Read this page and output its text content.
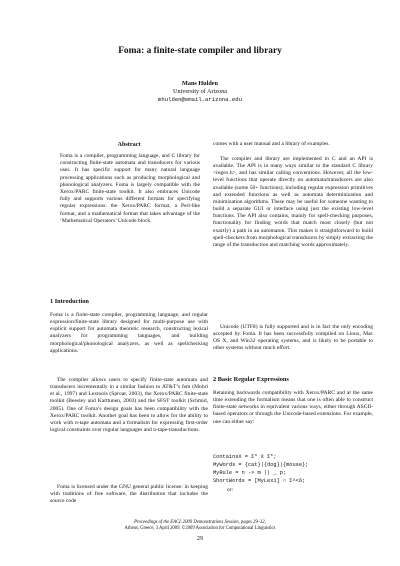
Foma: a finite-state compiler and library
Mans Hulden
University of Arizona
mhulden@email.arizona.edu
Abstract
Foma is a compiler, programming language, and C library for constructing finite-state automata and transducers for various uses. It has specific support for many natural language processing applications such as producing morphological and phonological analyzers. Foma is largely compatible with the Xerox/PARC finite-state toolkit. It also embraces Unicode fully and supports various different formats for specifying regular expressions: the Xerox/PARC format, a Perl-like format, and a mathematical format that takes advantage of the ‘Mathematical Operators’ Unicode block.
1 Introduction
Foma is a finite-state compiler, programming language, and regular expression/finite-state library designed for multi-purpose use with explicit support for automata theoretic research, constructing lexical analyzers for programming languages, and building morphological/phonological analyzers, as well as spellchecking applications.
The compiler allows users to specify finite-state automata and transducers incrementally in a similar fashion to AT&T’s fsm (Mohri et al., 1997) and Lextools (Sproat, 2003), the Xerox/PARC finite-state toolkit (Beesley and Karttunen, 2003) and the SFST toolkit (Schmid, 2005). One of Foma’s design goals has been compatibility with the Xerox/PARC toolkit. Another goal has been to allow for the ability to work with n-tape automata and a formalism for expressing first-order logical constraints over regular languages and n-tape-transductions.
Foma is licensed under the GNU general public license: in keeping with traditions of free software, the distribution that includes the source code
comes with a user manual and a library of examples.
The compiler and library are implemented in C and an API is available. The API is in many ways similar to the standard C library <regex.h>, and has similar calling conventions. However, all the low-level functions that operate directly on automata/transducers are also available (some 50+ functions), including regular expression primitives and extended functions as well as automata determinization and minimization algorithms. These may be useful for someone wanting to build a separate GUI or interface using just the existing low-level functions. The API also contains, mainly for spell-checking purposes, functionality for finding words that match most closely (but not exactly) a path in an automaton. This makes it straightforward to build spell-checkers from morphological transducers by simply extracting the range of the transduction and matching words approximately.
Unicode (UTF8) is fully supported and is in fact the only encoding accepted by Foma. It has been successfully compiled on Linux, Mac OS X, and Win32 operating systems, and is likely to be portable to other systems without much effort.
2 Basic Regular Expressions
Retaining backwards compatibility with Xerox/PARC and at the same time extending the formalism means that one is often able to construct finite-state networks in equivalent various ways, either through ASCII-based operators or through the Unicode-based extensions. For example, one can either say:
ContainsX = Σ* X Σ*;
MyWords = {cat}|{dog}|{mouse};
MyRule = n -> m || _ p;
ShortWords = [MyLex1] ∩ Σ^<6;
or:
Proceedings of the EACL 2009 Demonstrations Session, pages 29–32,
Athens, Greece, 3 April 2009. ©2009 Association for Computational Linguistics
29
